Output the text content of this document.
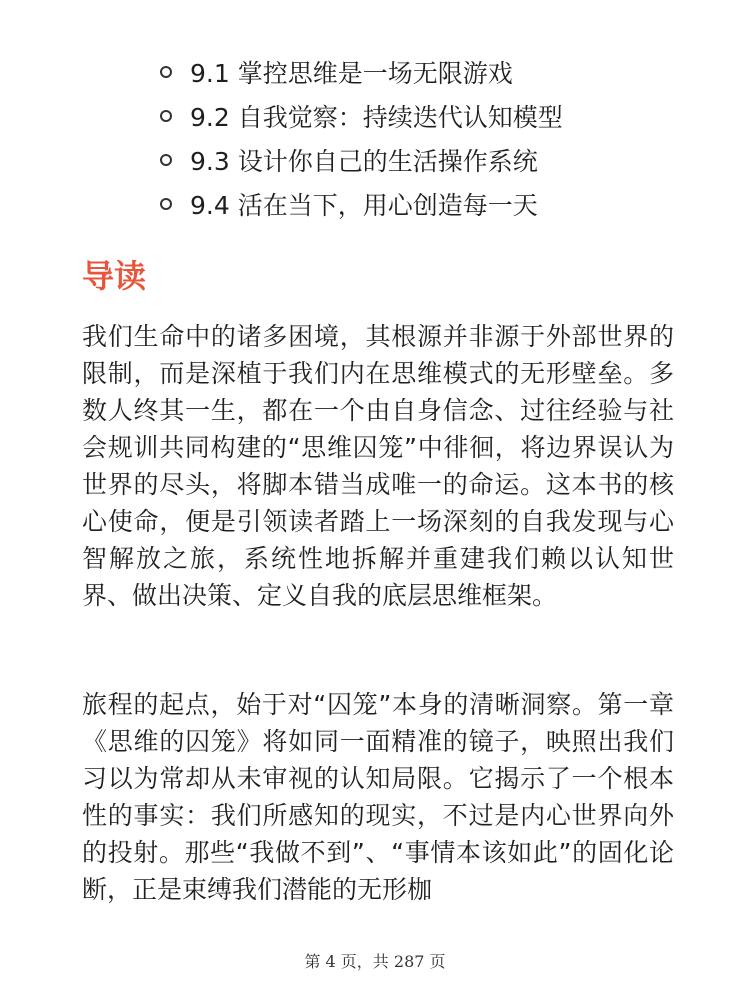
9.1 掌控思维是一场无限游戏
9.2 自我觉察：持续迭代认知模型
9.3 设计你自己的生活操作系统
9.4 活在当下，用心创造每一天
导读

我们生命中的诸多困境，其根源并非源于外部世界的限制，而是深植于我们内在思维模式的无形壁垒。多数人终其一生，都在一个由自身信念、过往经验与社会规训共同构建的“思维囚笼”中徘徊，将边界误认为世界的尽头，将脚本错当成唯一的命运。这本书的核心使命，便是引领读者踏上一场深刻的自我发现与心智解放之旅，系统性地拆解并重建我们赖以认知世界、做出决策、定义自我的底层思维框架。

旅程的起点，始于对“囚笼”本身的清晰洞察。第一章《思维的囚笼》将如同一面精准的镜子，映照出我们习以为常却从未审视的认知局限。它揭示了一个根本性的事实：我们所感知的现实，不过是内心世界向外的投射。那些“我做不到”、“事情本该如此”的固化论断，正是束缚我们潜能的无形枷

第 4 页，共 287 页
